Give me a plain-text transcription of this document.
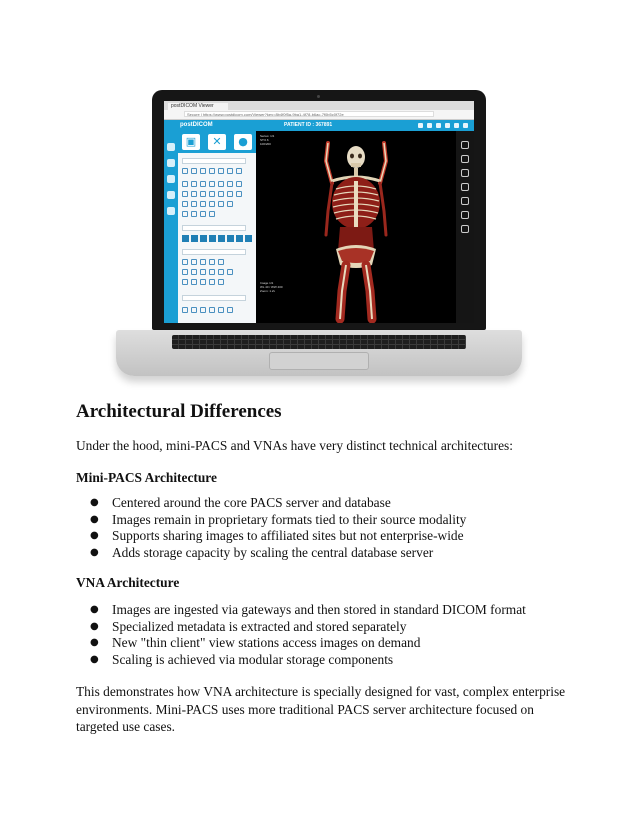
postDICOM Viewer
Secure | https://www.postdicom.com/Viewer?key=8b4f0f5a-9ba1-4f78-b6ac-7f0b5c0f72e
postDICOM	PATIENT ID : 367891
▣	✕	●	Series: 1/1
ST:0.6
100/200
Image 1/1
WL 40 / WW 400
Zoom: 1.2x
Architectural Differences

Under the hood, mini-PACS and VNAs have very distinct technical architectures:

Mini-PACS Architecture
● Centered around the core PACS server and database
● Images remain in proprietary formats tied to their source modality
● Supports sharing images to affiliated sites but not enterprise-wide
● Adds storage capacity by scaling the central database server
VNA Architecture
● Images are ingested via gateways and then stored in standard DICOM format
● Specialized metadata is extracted and stored separately
● New "thin client" view stations access images on demand
● Scaling is achieved via modular storage components

This demonstrates how VNA architecture is specially designed for vast, complex enterprise environments. Mini-PACS uses more traditional PACS server architecture focused on targeted use cases.
